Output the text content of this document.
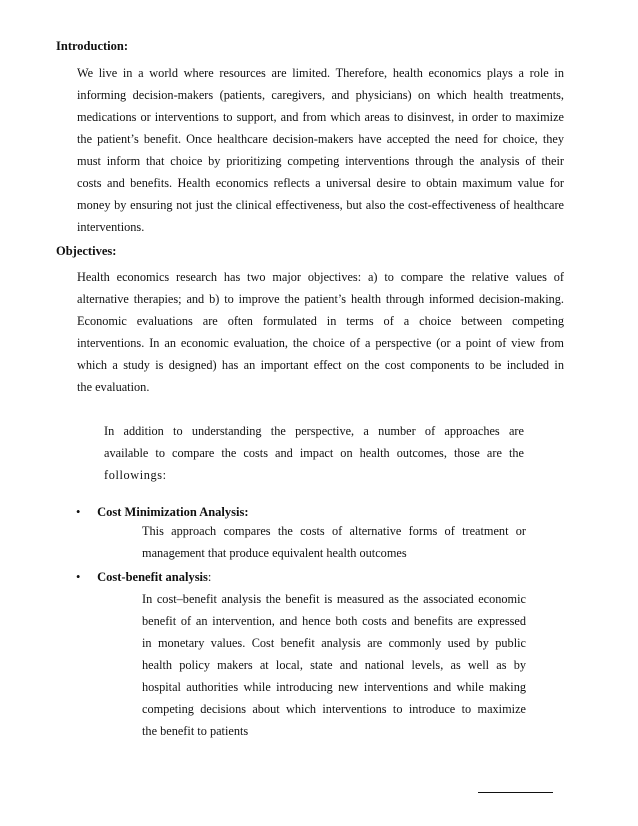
Introduction:
We live in a world where resources are limited. Therefore, health economics plays a role in
informing decision-makers (patients, caregivers, and physicians) on which health treatments,
medications or interventions to support, and from which areas to disinvest, in order to maximize
the patient’s benefit. Once healthcare decision-makers have accepted the need for choice, they
must inform that choice by prioritizing competing interventions through the analysis of their
costs and benefits. Health economics reflects a universal desire to obtain maximum value for
money by ensuring not just the clinical effectiveness, but also the cost-effectiveness of healthcare
interventions.
Objectives:
Health economics research has two major objectives: a) to compare the relative values of
alternative therapies; and b) to improve the patient’s health through informed decision-making.
Economic evaluations are often formulated in terms of a choice between competing
interventions. In an economic evaluation, the choice of a perspective (or a point of view from
which a study is designed) has an important effect on the cost components to be included in
the evaluation.
In addition to understanding the perspective, a number of approaches are
available to compare the costs and impact on health outcomes, those are the
followings:
• Cost Minimization Analysis:
This approach compares the costs of alternative forms of treatment or
management that produce equivalent health outcomes
• Cost-benefit analysis:
In cost–benefit analysis the benefit is measured as the associated economic
benefit of an intervention, and hence both costs and benefits are expressed
in monetary values. Cost benefit analysis are commonly used by public
health policy makers at local, state and national levels, as well as by
hospital authorities while introducing new interventions and while making
competing decisions about which interventions to introduce to maximize
the benefit to patients
